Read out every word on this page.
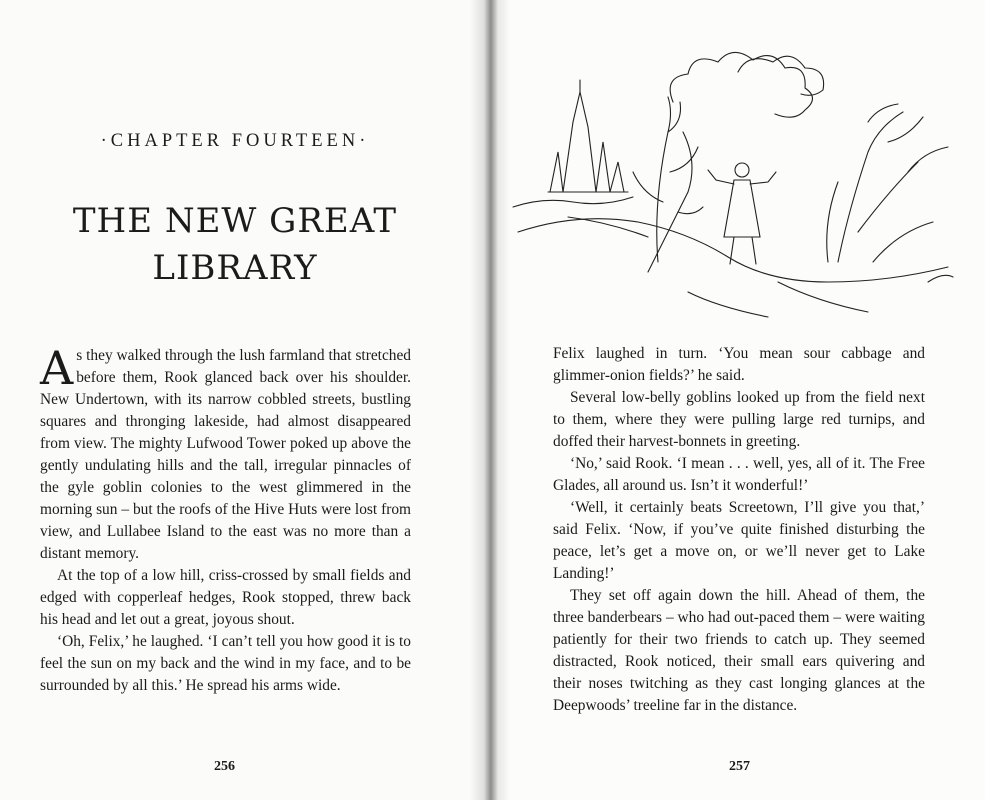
·CHAPTER FOURTEEN·
THE NEW GREAT
LIBRARY
256

As they walked through the lush farmland that stretched before them, Rook glanced back over his shoulder. New Undertown, with its narrow cobbled streets, bustling squares and thronging lakeside, had almost disappeared from view. The mighty Lufwood Tower poked up above the gently undulating hills and the tall, irregular pinnacles of the gyle goblin colonies to the west glimmered in the morning sun – but the roofs of the Hive Huts were lost from view, and Lullabee Island to the east was no more than a distant memory.

At the top of a low hill, criss-crossed by small fields and edged with copperleaf hedges, Rook stopped, threw back his head and let out a great, joyous shout.

‘Oh, Felix,’ he laughed. ‘I can’t tell you how good it is to feel the sun on my back and the wind in my face, and to be surrounded by all this.’ He spread his arms wide.

257

Felix laughed in turn. ‘You mean sour cabbage and glimmer-onion fields?’ he said.

Several low-belly goblins looked up from the field next to them, where they were pulling large red turnips, and doffed their harvest-bonnets in greeting.

‘No,’ said Rook. ‘I mean . . . well, yes, all of it. The Free Glades, all around us. Isn’t it wonderful!’

‘Well, it certainly beats Screetown, I’ll give you that,’ said Felix. ‘Now, if you’ve quite finished disturbing the peace, let’s get a move on, or we’ll never get to Lake Landing!’

They set off again down the hill. Ahead of them, the three banderbears – who had out-paced them – were waiting patiently for their two friends to catch up. They seemed distracted, Rook noticed, their small ears quivering and their noses twitching as they cast longing glances at the Deepwoods’ treeline far in the distance.
